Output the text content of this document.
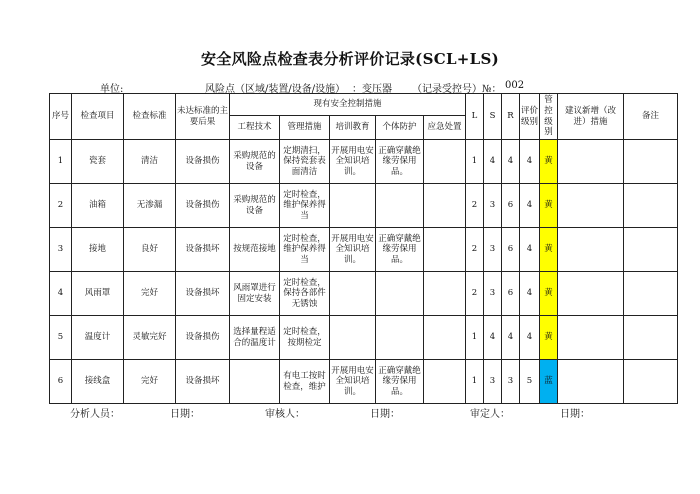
安全风险点检查表分析评价记录(SCL+LS)
单位:	风险点（区域/装置/设备/设施） ：变压器 （记录受控号）№： 002
序号	检查项目	检查标准	未达标准的主要后果	现有安全控制措施					L	S	R	评价级别	管控级别	建议新增（改进）措施	备注
				工程技术	管理措施	培训教育	个体防护	应急处置							
1	瓷套	清洁	设备损伤	采购规范的设备	定期清扫，保持瓷套表面清洁	开展用电安全知识培训。	正确穿戴绝缘劳保用品。		1	4	4	4	黄		
2	油箱	无渗漏	设备损伤	采购规范的设备	定时检查，维护保养得当				2	3	6	4	黄		
3	接地	良好	设备损坏	按规范接地	定时检查，维护保养得当	开展用电安全知识培训。	正确穿戴绝缘劳保用品。		2	3	6	4	黄		
4	风雨罩	完好	设备损坏	风雨罩进行固定安装	定时检查，保持各部件无锈蚀				2	3	6	4	黄		
5	温度计	灵敏完好	设备损伤	选择量程适合的温度计	定时检查，按期检定				1	4	4	4	黄		
6	接线盒	完好	设备损坏		有电工按时检查，维护	开展用电安全知识培训。	正确穿戴绝缘劳保用品。		1	3	3	5	蓝		
分析人员：	日期：	审核人：	日期：	审定人：	日期：
